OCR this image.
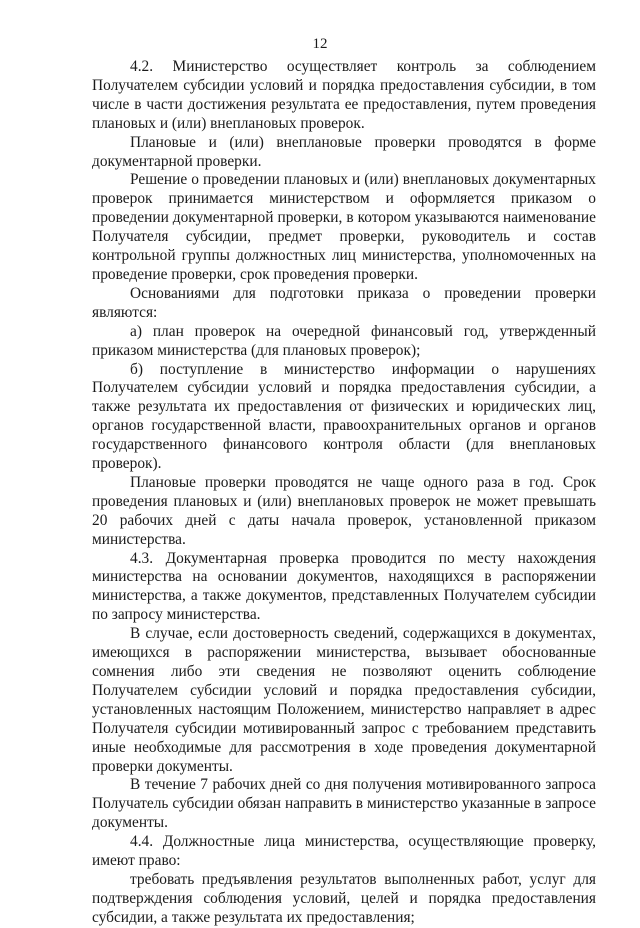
12

4.2. Министерство осуществляет контроль за соблюдением Получателем субсидии условий и порядка предоставления субсидии, в том числе в части достижения результата ее предоставления, путем проведения плановых и (или) внеплановых проверок.

Плановые и (или) внеплановые проверки проводятся в форме документарной проверки.

Решение о проведении плановых и (или) внеплановых документарных проверок принимается министерством и оформляется приказом о проведении документарной проверки, в котором указываются наименование Получателя субсидии, предмет проверки, руководитель и состав контрольной группы должностных лиц министерства, уполномоченных на проведение проверки, срок проведения проверки.

Основаниями для подготовки приказа о проведении проверки являются:

а) план проверок на очередной финансовый год, утвержденный приказом министерства (для плановых проверок);

б) поступление в министерство информации о нарушениях Получателем субсидии условий и порядка предоставления субсидии, а также результата их предоставления от физических и юридических лиц, органов государственной власти, правоохранительных органов и органов государственного финансового контроля области (для внеплановых проверок).

Плановые проверки проводятся не чаще одного раза в год. Срок проведения плановых и (или) внеплановых проверок не может превышать 20 рабочих дней с даты начала проверок, установленной приказом министерства.

4.3. Документарная проверка проводится по месту нахождения министерства на основании документов, находящихся в распоряжении министерства, а также документов, представленных Получателем субсидии по запросу министерства.

В случае, если достоверность сведений, содержащихся в документах, имеющихся в распоряжении министерства, вызывает обоснованные сомнения либо эти сведения не позволяют оценить соблюдение Получателем субсидии условий и порядка предоставления субсидии, установленных настоящим Положением, министерство направляет в адрес Получателя субсидии мотивированный запрос с требованием представить иные необходимые для рассмотрения в ходе проведения документарной проверки документы.

В течение 7 рабочих дней со дня получения мотивированного запроса Получатель субсидии обязан направить в министерство указанные в запросе документы.

4.4. Должностные лица министерства, осуществляющие проверку, имеют право:

требовать предъявления результатов выполненных работ, услуг для подтверждения соблюдения условий, целей и порядка предоставления субсидии, а также результата их предоставления;
